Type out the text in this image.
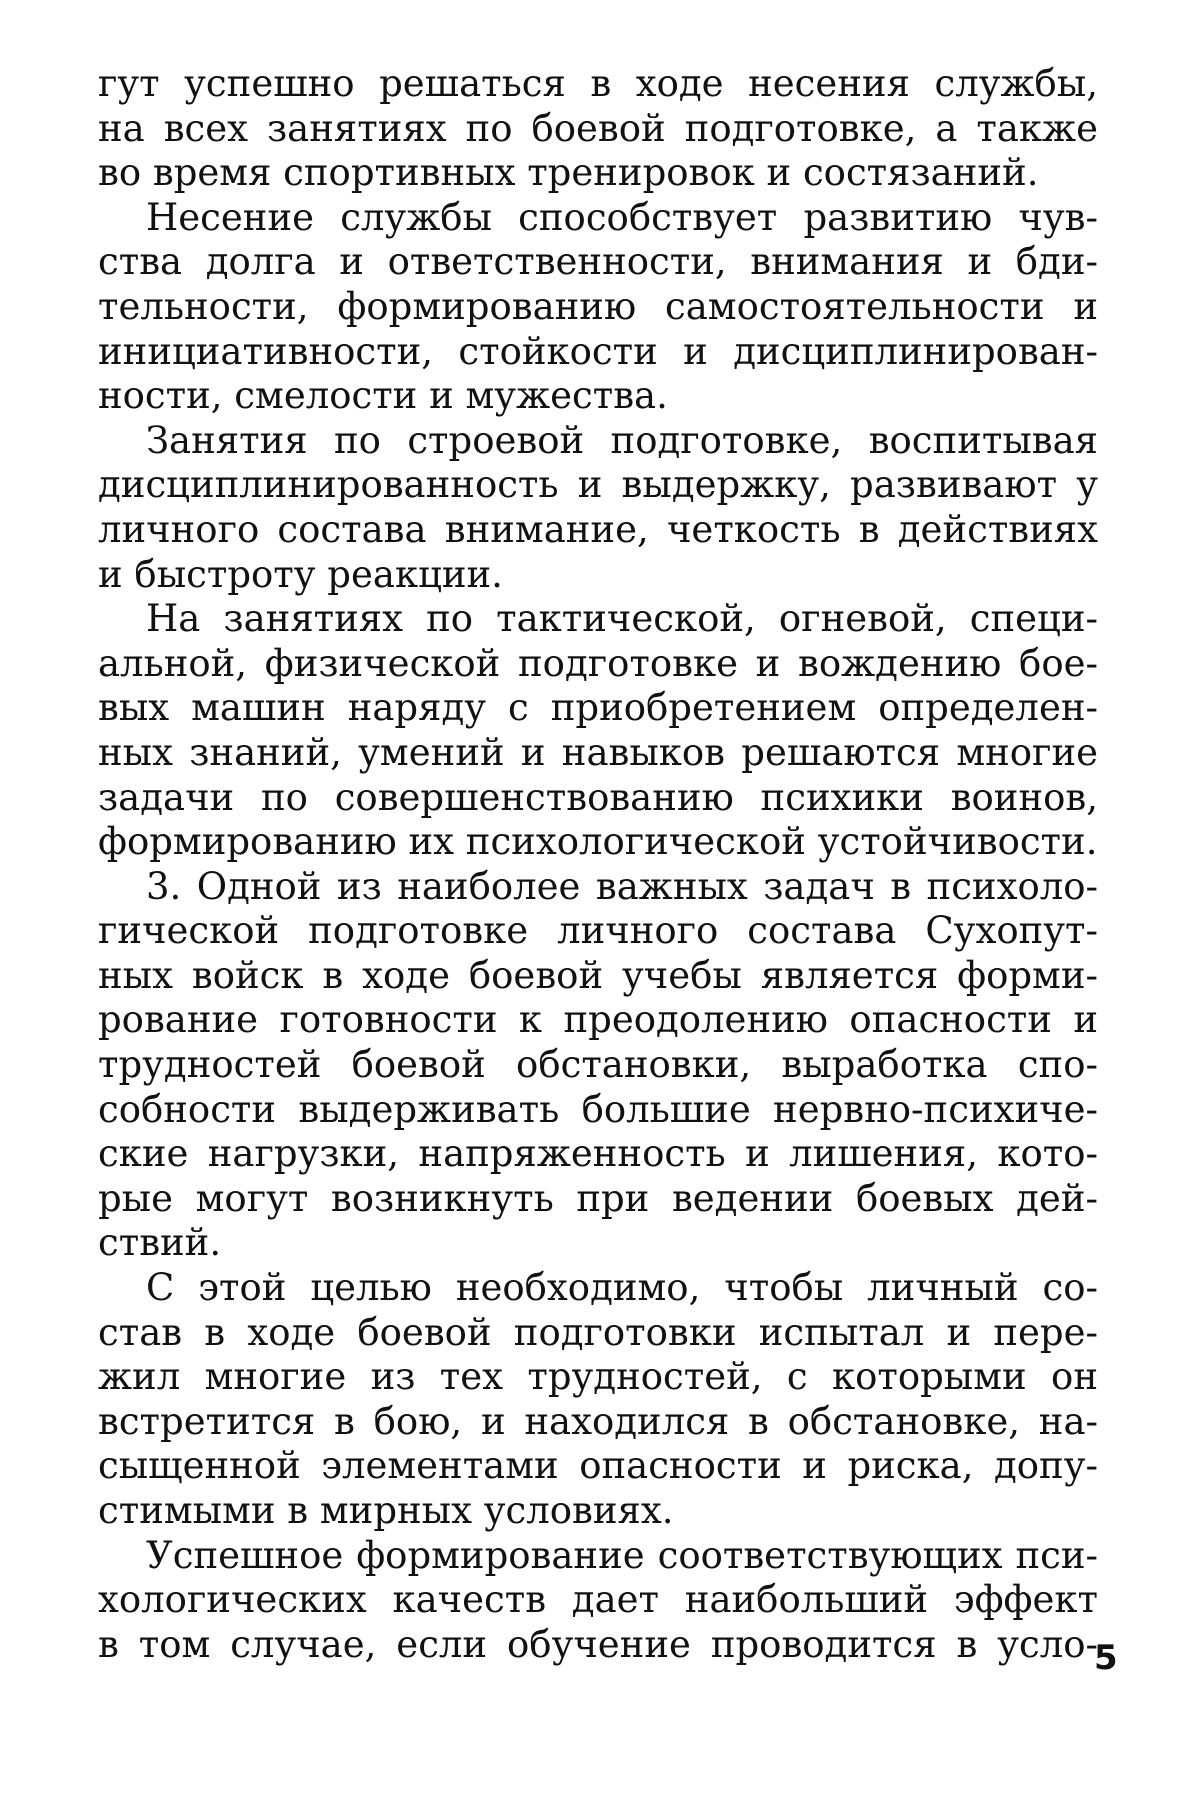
гут успешно решаться в ходе несения службы,
на всех занятиях по боевой подготовке, а также
во время спортивных тренировок и состязаний.
Несение службы способствует развитию чув-
ства долга и ответственности, внимания и бди-
тельности, формированию самостоятельности и
инициативности, стойкости и дисциплинирован-
ности, смелости и мужества.
Занятия по строевой подготовке, воспитывая
дисциплинированность и выдержку, развивают у
личного состава внимание, четкость в действиях
и быстроту реакции.
На занятиях по тактической, огневой, специ-
альной, физической подготовке и вождению бое-
вых машин наряду с приобретением определен-
ных знаний, умений и навыков решаются многие
задачи по совершенствованию психики воинов,
формированию их психологической устойчивости.
3. Одной из наиболее важных задач в психоло-
гической подготовке личного состава Сухопут-
ных войск в ходе боевой учебы является форми-
рование готовности к преодолению опасности и
трудностей боевой обстановки, выработка спо-
собности выдерживать большие нервно-психиче-
ские нагрузки, напряженность и лишения, кото-
рые могут возникнуть при ведении боевых дей-
ствий.
С этой целью необходимо, чтобы личный со-
став в ходе боевой подготовки испытал и пере-
жил многие из тех трудностей, с которыми он
встретится в бою, и находился в обстановке, на-
сыщенной элементами опасности и риска, допу-
стимыми в мирных условиях.
Успешное формирование соответствующих пси-
хологических качеств дает наибольший эффект
в том случае, если обучение проводится в усло-
5
